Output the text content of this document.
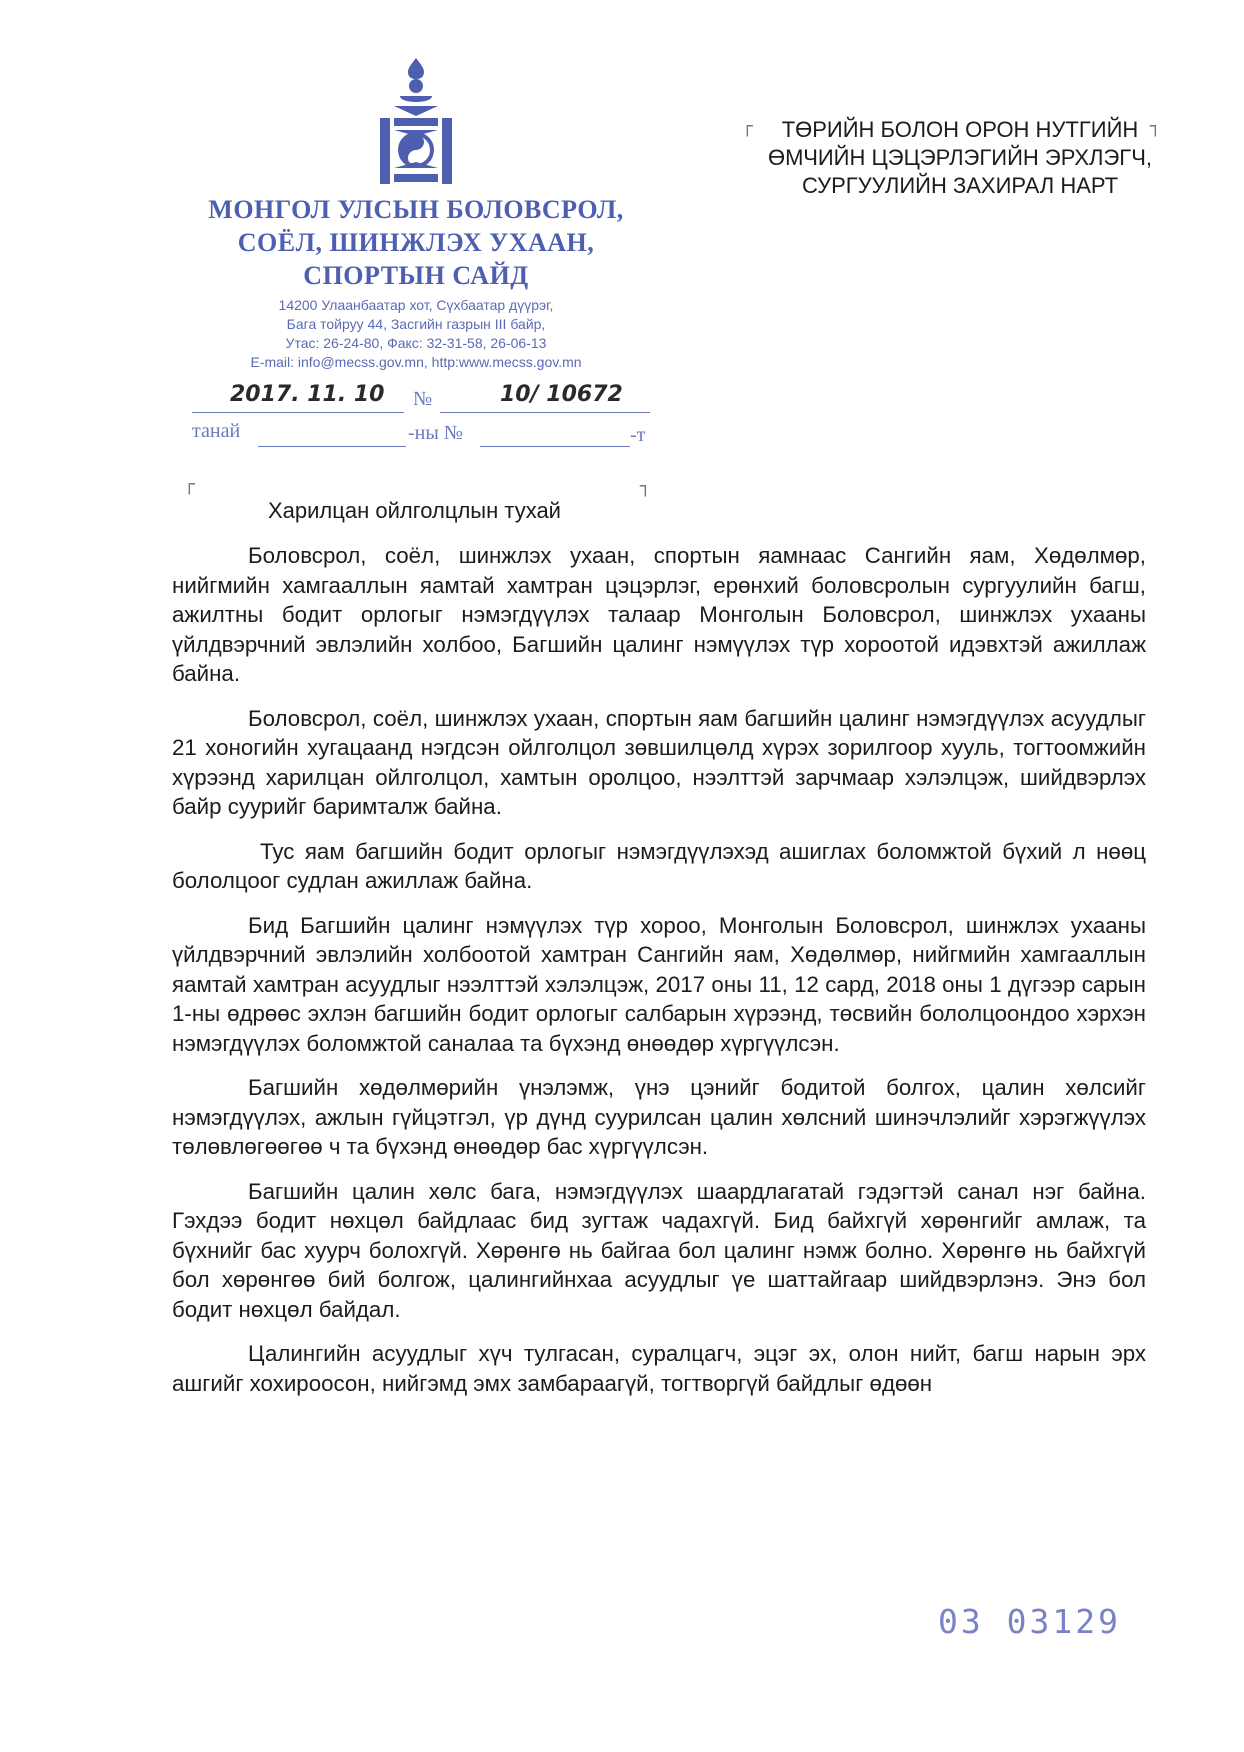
МОНГОЛ УЛСЫН БОЛОВСРОЛ,
СОЁЛ, ШИНЖЛЭХ УХААН,
СПОРТЫН САЙД
14200 Улаанбаатар хот, Сүхбаатар дүүрэг,
Бага тойруу 44, Засгийн газрын III байр,
Утас: 26-24-80, Факс: 32-31-58, 26-06-13
E-mail: info@mecss.gov.mn, http:www.mecss.gov.mn
2017. 11. 10 №	10/ 10672
танай	-ны №	-т
┌	┐
ТӨРИЙН БОЛОН ОРОН НУТГИЙН
ӨМЧИЙН ЦЭЦЭРЛЭГИЙН ЭРХЛЭГЧ,
СУРГУУЛИЙН ЗАХИРАЛ НАРТ
┌	┐
Харилцан ойлголцлын тухай

Боловсрол, соёл, шинжлэх ухаан, спортын яамнаас Сангийн яам, Хөдөлмөр, нийгмийн хамгааллын яамтай хамтран цэцэрлэг, ерөнхий боловсролын сургуулийн багш, ажилтны бодит орлогыг нэмэгдүүлэх талаар Монголын Боловсрол, шинжлэх ухааны үйлдвэрчний эвлэлийн холбоо, Багшийн цалинг нэмүүлэх түр хороотой идэвхтэй ажиллаж байна.

Боловсрол, соёл, шинжлэх ухаан, спортын яам багшийн цалинг нэмэгдүүлэх асуудлыг 21 хоногийн хугацаанд нэгдсэн ойлголцол зөвшилцөлд хүрэх зорилгоор хууль, тогтоомжийн хүрээнд харилцан ойлголцол, хамтын оролцоо, нээлттэй зарчмаар хэлэлцэж, шийдвэрлэх байр суурийг баримталж байна.

Тус яам багшийн бодит орлогыг нэмэгдүүлэхэд ашиглах боломжтой бүхий л нөөц бололцоог судлан ажиллаж байна.

Бид Багшийн цалинг нэмүүлэх түр хороо, Монголын Боловсрол, шинжлэх ухааны үйлдвэрчний эвлэлийн холбоотой хамтран Сангийн яам, Хөдөлмөр, нийгмийн хамгааллын яамтай хамтран асуудлыг нээлттэй хэлэлцэж, 2017 оны 11, 12 сард, 2018 оны 1 дүгээр сарын 1-ны өдрөөс эхлэн багшийн бодит орлогыг салбарын хүрээнд, төсвийн бололцоондоо хэрхэн нэмэгдүүлэх боломжтой саналаа та бүхэнд өнөөдөр хүргүүлсэн.

Багшийн хөдөлмөрийн үнэлэмж, үнэ цэнийг бодитой болгох, цалин хөлсийг нэмэгдүүлэх, ажлын гүйцэтгэл, үр дүнд суурилсан цалин хөлсний шинэчлэлийг хэрэгжүүлэх төлөвлөгөөгөө ч та бүхэнд өнөөдөр бас хүргүүлсэн.

Багшийн цалин хөлс бага, нэмэгдүүлэх шаардлагатай гэдэгтэй санал нэг байна. Гэхдээ бодит нөхцөл байдлаас бид зугтаж чадахгүй. Бид байхгүй хөрөнгийг амлаж, та бүхнийг бас хуурч болохгүй. Хөрөнгө нь байгаа бол цалинг нэмж болно. Хөрөнгө нь байхгүй бол хөрөнгөө бий болгож, цалингийнхаа асуудлыг үе шаттайгаар шийдвэрлэнэ. Энэ бол бодит нөхцөл байдал.

Цалингийн асуудлыг хүч тулгасан, суралцагч, эцэг эх, олон нийт, багш нарын эрх ашгийг хохироосон, нийгэмд эмх замбараагүй, тогтворгүй байдлыг өдөөн

03 03129
